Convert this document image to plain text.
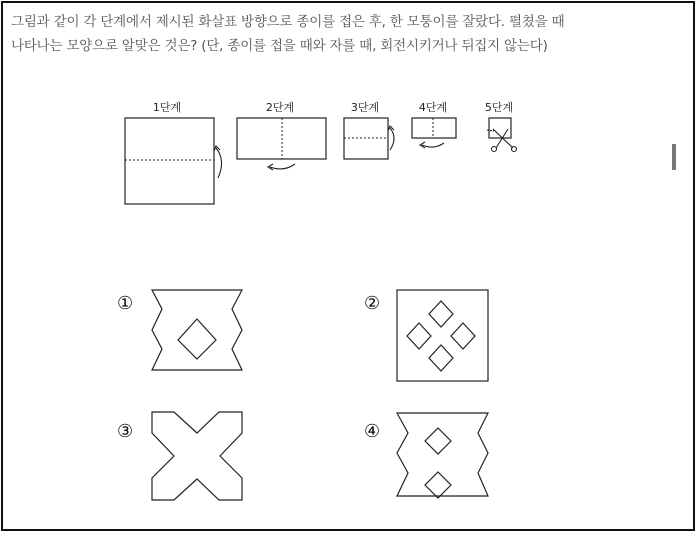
그림과 같이 각 단계에서 제시된 화살표 방향으로 종이를 접은 후, 한 모퉁이를 잘랐다. 펼쳤을 때
나타나는 모양으로 알맞은 것은? (단, 종이를 접을 때와 자를 때, 회전시키거나 뒤집지 않는다)
1단계	2단계	3단계	4단계	5단계
①	②
③	④
